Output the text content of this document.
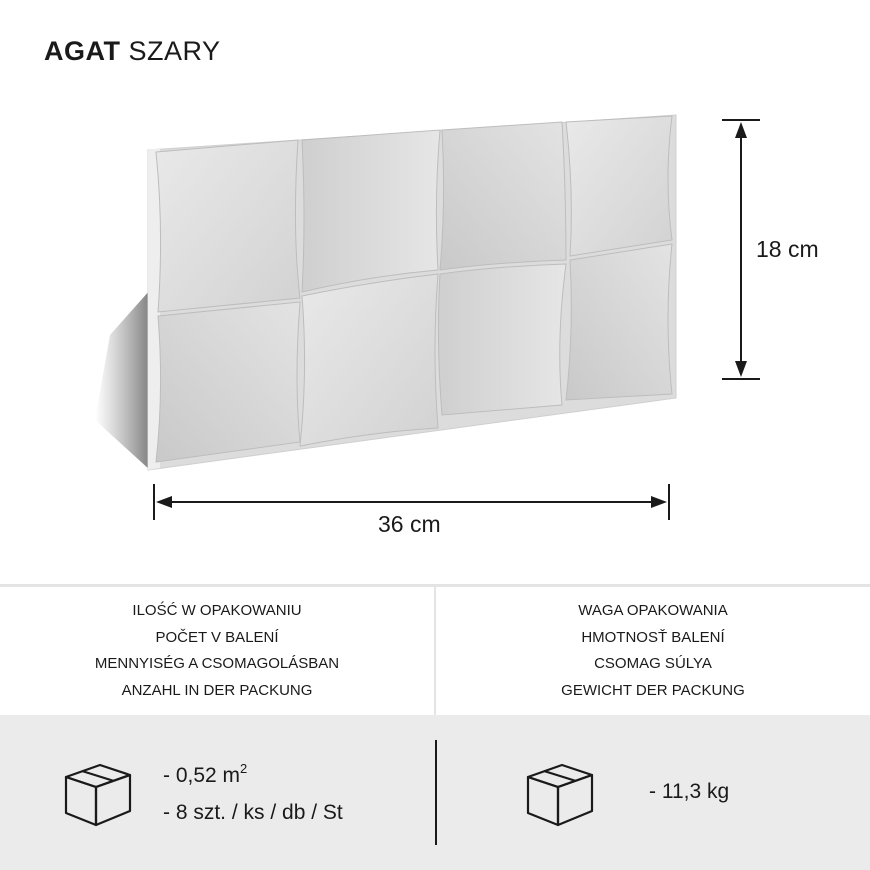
AGAT SZARY
36 cm
18 cm

ILOŚĆ W OPAKOWANIU

POČET V BALENÍ

MENNYISÉG A CSOMAGOLÁSBAN

ANZAHL IN DER PACKUNG

WAGA OPAKOWANIA

HMOTNOSŤ BALENÍ

CSOMAG SÚLYA

GEWICHT DER PACKUNG

- 0,52 $m^2$
- 8 szt. / ks / db / St
- 11,3 kg
